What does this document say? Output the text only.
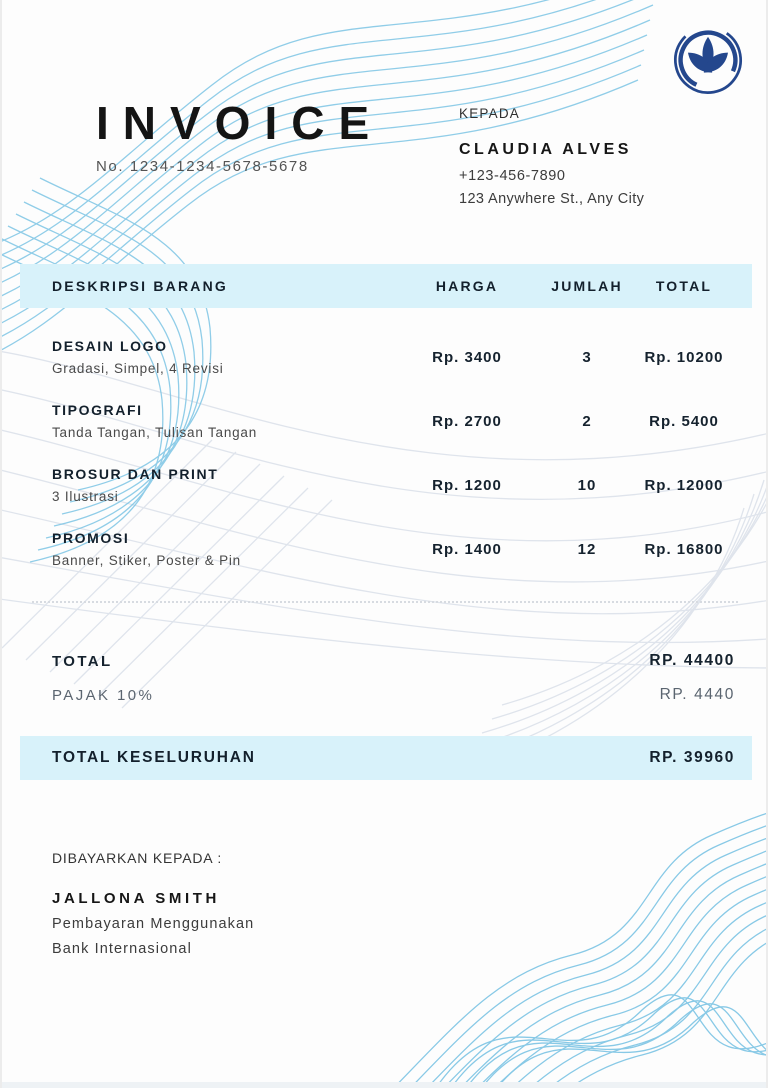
INVOICE
No. 1234-1234-5678-5678
KEPADA
CLAUDIA ALVES
+123-456-7890
123 Anywhere St., Any City
DESKRIPSI BARANG	HARGA	JUMLAH	TOTAL
DESAIN LOGO
Gradasi, Simpel, 4 Revisi
Rp. 3400	3	Rp. 10200
TIPOGRAFI
Tanda Tangan, Tulisan Tangan
Rp. 2700	2	Rp. 5400
BROSUR DAN PRINT
3 Ilustrasi
Rp. 1200	10	Rp. 12000
PROMOSI
Banner, Stiker, Poster & Pin
Rp. 1400	12	Rp. 16800
TOTAL	RP. 44400
PAJAK 10%	RP. 4440
TOTAL KESELURUHAN	RP. 39960
DIBAYARKAN KEPADA :
JALLONA SMITH
Pembayaran Menggunakan
Bank Internasional
